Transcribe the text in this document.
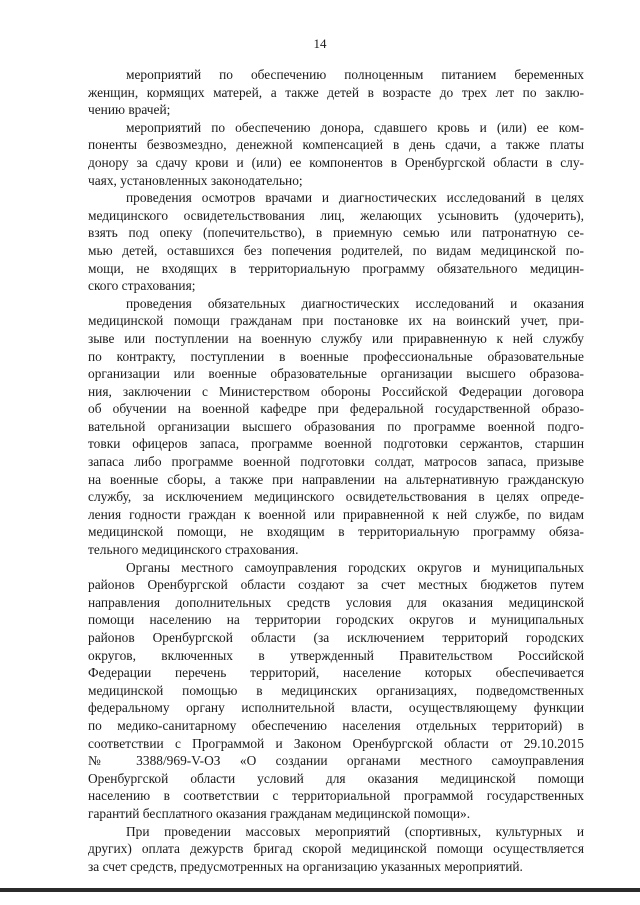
14
мероприятий по обеспечению полноценным питанием беременных
женщин, кормящих матерей, а также детей в возрасте до трех лет по заклю-
чению врачей;
мероприятий по обеспечению донора, сдавшего кровь и (или) ее ком-
поненты безвозмездно, денежной компенсацией в день сдачи, а также платы
донору за сдачу крови и (или) ее компонентов в Оренбургской области в слу-
чаях, установленных законодательно;
проведения осмотров врачами и диагностических исследований в целях
медицинского освидетельствования лиц, желающих усыновить (удочерить),
взять под опеку (попечительство), в приемную семью или патронатную се-
мью детей, оставшихся без попечения родителей, по видам медицинской по-
мощи, не входящих в территориальную программу обязательного медицин-
ского страхования;
проведения обязательных диагностических исследований и оказания
медицинской помощи гражданам при постановке их на воинский учет, при-
зыве или поступлении на военную службу или приравненную к ней службу
по контракту, поступлении в военные профессиональные образовательные
организации или военные образовательные организации высшего образова-
ния, заключении с Министерством обороны Российской Федерации договора
об обучении на военной кафедре при федеральной государственной образо-
вательной организации высшего образования по программе военной подго-
товки офицеров запаса, программе военной подготовки сержантов, старшин
запаса либо программе военной подготовки солдат, матросов запаса, призыве
на военные сборы, а также при направлении на альтернативную гражданскую
службу, за исключением медицинского освидетельствования в целях опреде-
ления годности граждан к военной или приравненной к ней службе, по видам
медицинской помощи, не входящим в территориальную программу обяза-
тельного медицинского страхования.
Органы местного самоуправления городских округов и муниципальных
районов Оренбургской области создают за счет местных бюджетов путем
направления дополнительных средств условия для оказания медицинской
помощи населению на территории городских округов и муниципальных
районов Оренбургской области (за исключением территорий городских
округов, включенных в утвержденный Правительством Российской
Федерации перечень территорий, население которых обеспечивается
медицинской помощью в медицинских организациях, подведомственных
федеральному органу исполнительной власти, осуществляющему функции
по медико-санитарному обеспечению населения отдельных территорий) в
соответствии с Программой и Законом Оренбургской области от 29.10.2015
№ 3388/969-V-ОЗ «О создании органами местного самоуправления
Оренбургской области условий для оказания медицинской помощи
населению в соответствии с территориальной программой государственных
гарантий бесплатного оказания гражданам медицинской помощи».
При проведении массовых мероприятий (спортивных, культурных и
других) оплата дежурств бригад скорой медицинской помощи осуществляется
за счет средств, предусмотренных на организацию указанных мероприятий.
